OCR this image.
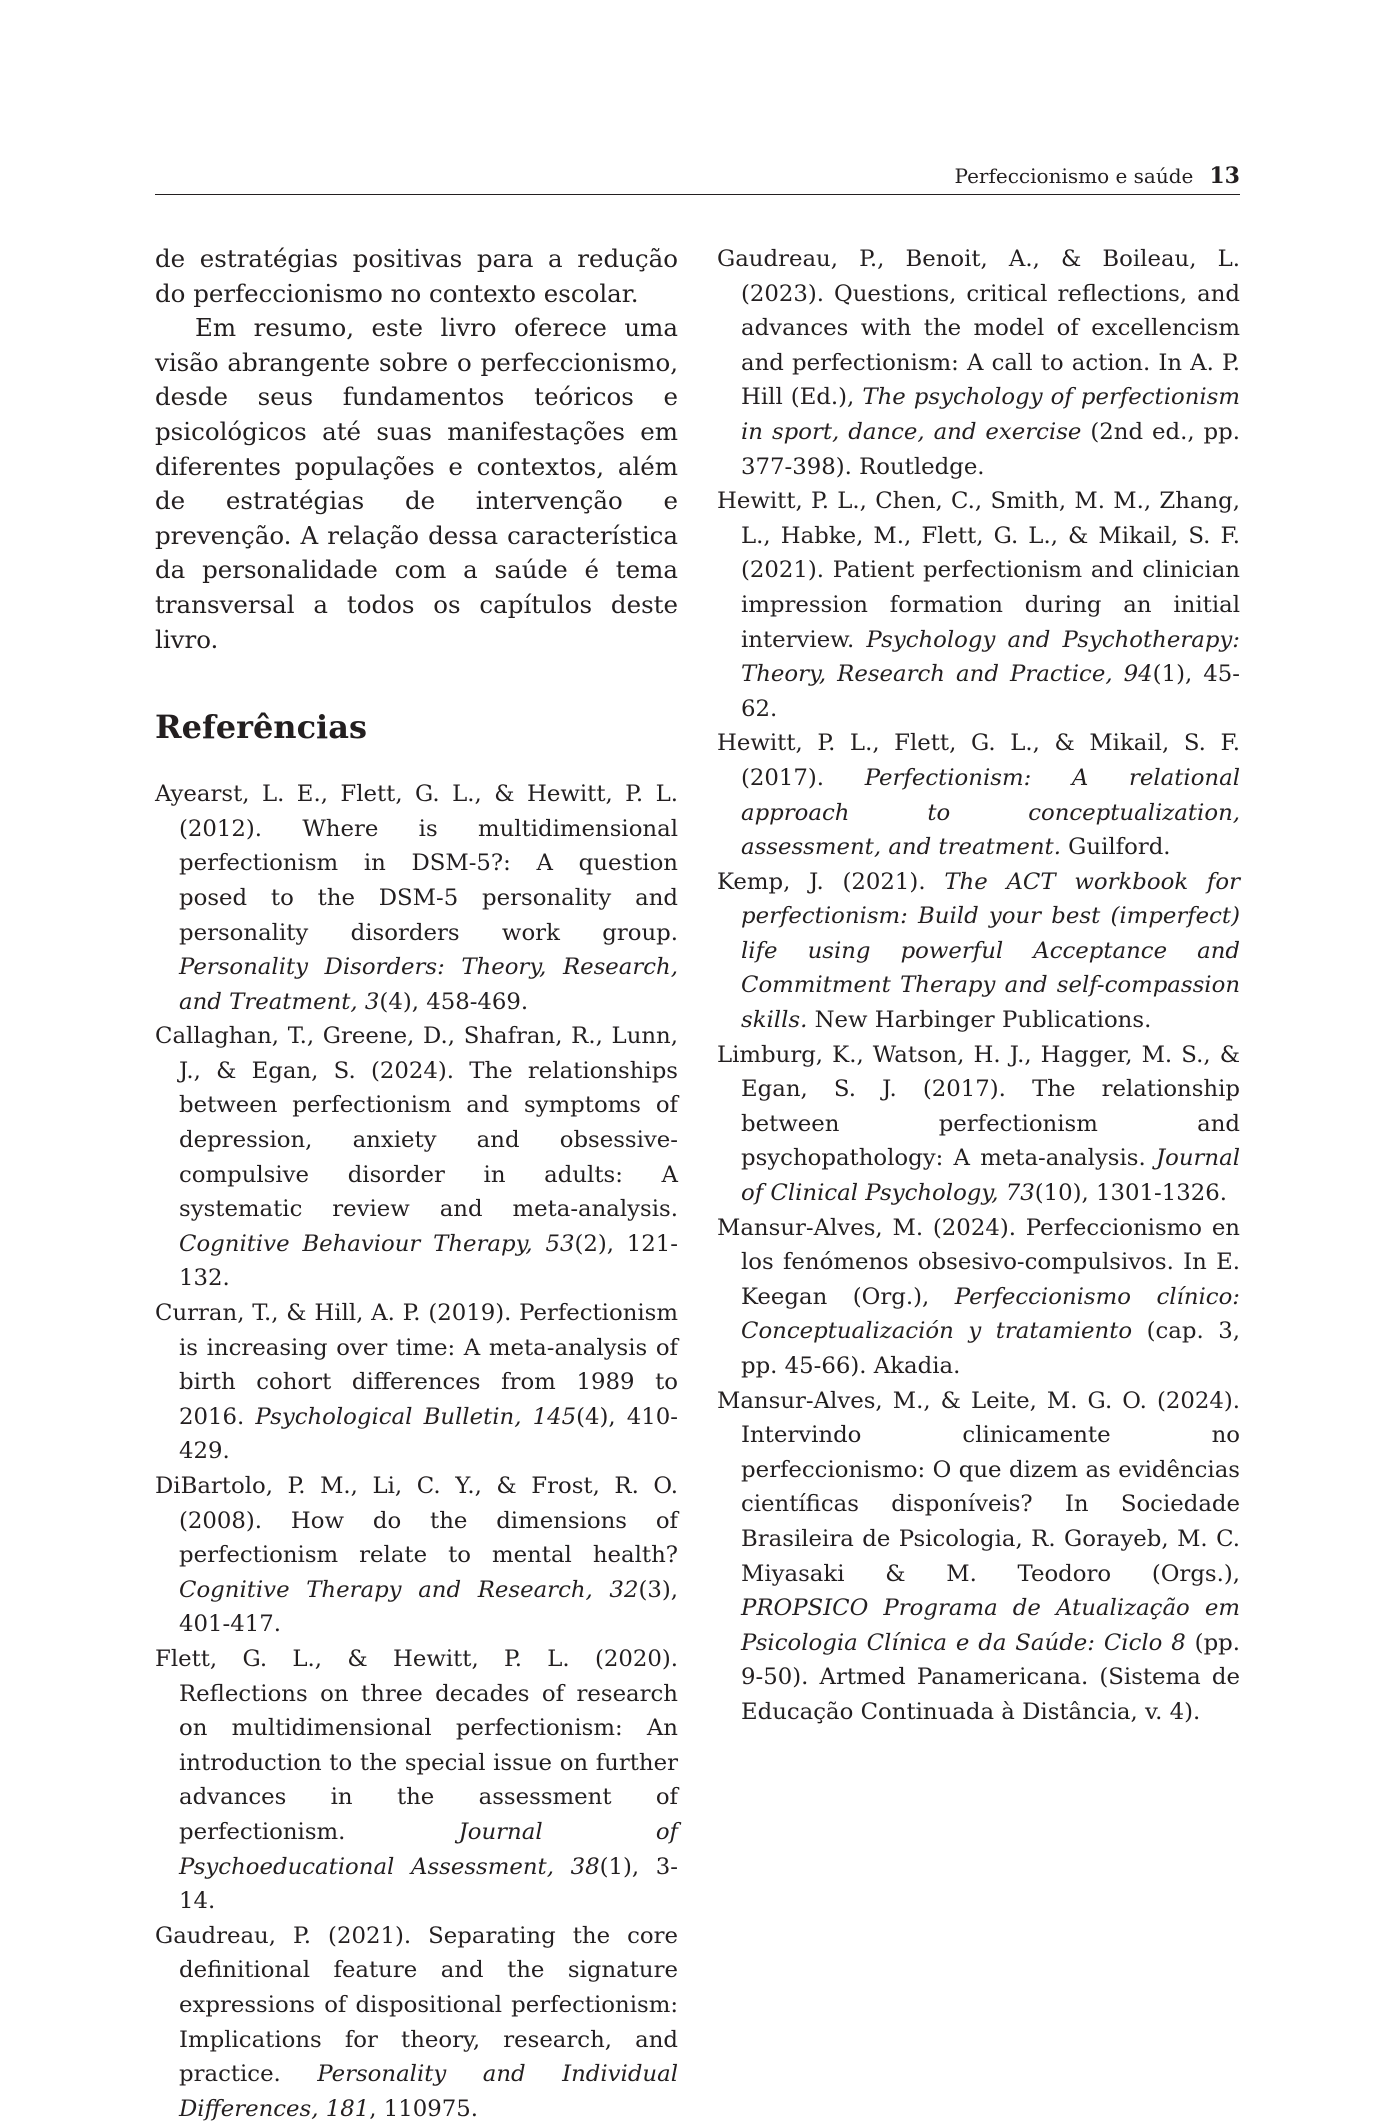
Perfeccionismo e saúde 13

de estratégias positivas para a redução do perfeccionismo no contexto escolar.

Em resumo, este livro oferece uma visão abrangente sobre o perfeccionismo, desde seus fundamentos teóricos e psicológicos até suas manifestações em diferentes populações e contextos, além de estratégias de intervenção e prevenção. A relação dessa característica da personalidade com a saúde é tema transversal a todos os capítulos deste livro.

Referências

Ayearst, L. E., Flett, G. L., & Hewitt, P. L. (2012). Where is multidimensional perfectionism in DSM-5?: A question posed to the DSM-5 personality and personality disorders work group. Personality Disorders: Theory, Research, and Treatment, 3(4), 458-469.

Callaghan, T., Greene, D., Shafran, R., Lunn, J., & Egan, S. (2024). The relationships between perfectionism and symptoms of depression, anxiety and obsessive-compulsive disorder in adults: A systematic review and meta-analysis. Cognitive Behaviour Therapy, 53(2), 121-132.

Curran, T., & Hill, A. P. (2019). Perfectionism is increasing over time: A meta-analysis of birth cohort differences from 1989 to 2016. Psychological Bulletin, 145(4), 410-429.

DiBartolo, P. M., Li, C. Y., & Frost, R. O. (2008). How do the dimensions of perfectionism relate to mental health? Cognitive Therapy and Research, 32(3), 401-417.

Flett, G. L., & Hewitt, P. L. (2020). Reflections on three decades of research on multidimensional perfectionism: An introduction to the special issue on further advances in the assessment of perfectionism. Journal of Psychoeducational Assessment, 38(1), 3-14.

Gaudreau, P. (2021). Separating the core definitional feature and the signature expressions of dispositional perfectionism: Implications for theory, research, and practice. Personality and Individual Differences, 181, 110975.

Gaudreau, P., Benoit, A., & Boileau, L. (2023). Questions, critical reflections, and advances with the model of excellencism and perfectionism: A call to action. In A. P. Hill (Ed.), The psychology of perfectionism in sport, dance, and exercise (2nd ed., pp. 377-398). Routledge.

Hewitt, P. L., Chen, C., Smith, M. M., Zhang, L., Habke, M., Flett, G. L., & Mikail, S. F. (2021). Patient perfectionism and clinician impression formation during an initial interview. Psychology and Psychotherapy: Theory, Research and Practice, 94(1), 45-62.

Hewitt, P. L., Flett, G. L., & Mikail, S. F. (2017). Perfectionism: A relational approach to conceptualization, assessment, and treatment. Guilford.

Kemp, J. (2021). The ACT workbook for perfectionism: Build your best (imperfect) life using powerful Acceptance and Commitment Therapy and self-compassion skills. New Harbinger Publications.

Limburg, K., Watson, H. J., Hagger, M. S., & Egan, S. J. (2017). The relationship between perfectionism and psychopathology: A meta-analysis. Journal of Clinical Psychology, 73(10), 1301-1326.

Mansur-Alves, M. (2024). Perfeccionismo en los fenómenos obsesivo-compulsivos. In E. Keegan (Org.), Perfeccionismo clínico: Conceptualización y tratamiento (cap. 3, pp. 45-66). Akadia.

Mansur-Alves, M., & Leite, M. G. O. (2024). Intervindo clinicamente no perfeccionismo: O que dizem as evidências científicas disponíveis? In Sociedade Brasileira de Psicologia, R. Gorayeb, M. C. Miyasaki & M. Teodoro (Orgs.), PROPSICO Programa de Atualização em Psicologia Clínica e da Saúde: Ciclo 8 (pp. 9-50). Artmed Panamericana. (Sistema de Educação Continuada à Distância, v. 4).
